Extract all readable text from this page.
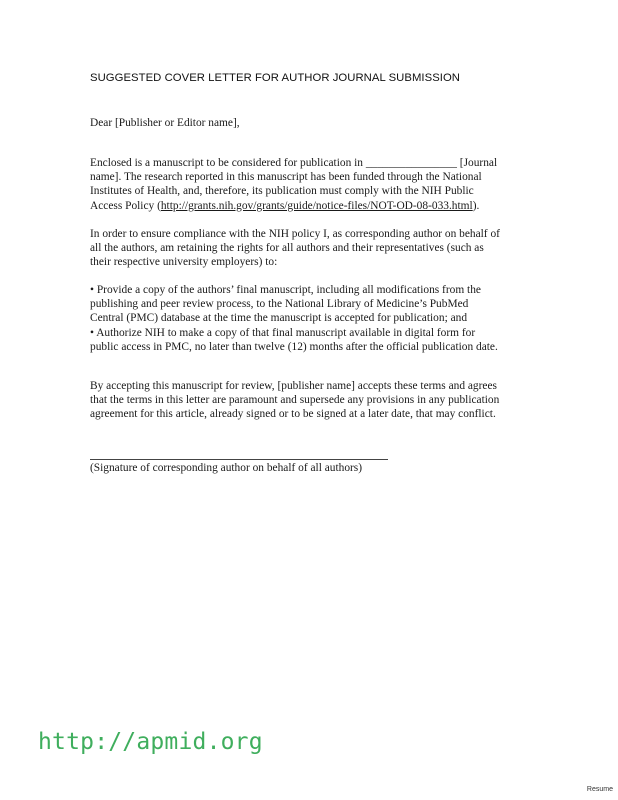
SUGGESTED COVER LETTER FOR AUTHOR JOURNAL SUBMISSION
Dear [Publisher or Editor name],
Enclosed is a manuscript to be considered for publication in ________________ [Journal
name]. The research reported in this manuscript has been funded through the National
Institutes of Health, and, therefore, its publication must comply with the NIH Public
Access Policy (http://grants.nih.gov/grants/guide/notice-files/NOT-OD-08-033.html).
In order to ensure compliance with the NIH policy I, as corresponding author on behalf of
all the authors, am retaining the rights for all authors and their representatives (such as
their respective university employers) to:
• Provide a copy of the authors’ final manuscript, including all modifications from the
publishing and peer review process, to the National Library of Medicine’s PubMed
Central (PMC) database at the time the manuscript is accepted for publication; and
• Authorize NIH to make a copy of that final manuscript available in digital form for
public access in PMC, no later than twelve (12) months after the official publication date.
By accepting this manuscript for review, [publisher name] accepts these terms and agrees
that the terms in this letter are paramount and supersede any provisions in any publication
agreement for this article, already signed or to be signed at a later date, that may conflict.
(Signature of corresponding author on behalf of all authors)
http://apmid.org
Resume
